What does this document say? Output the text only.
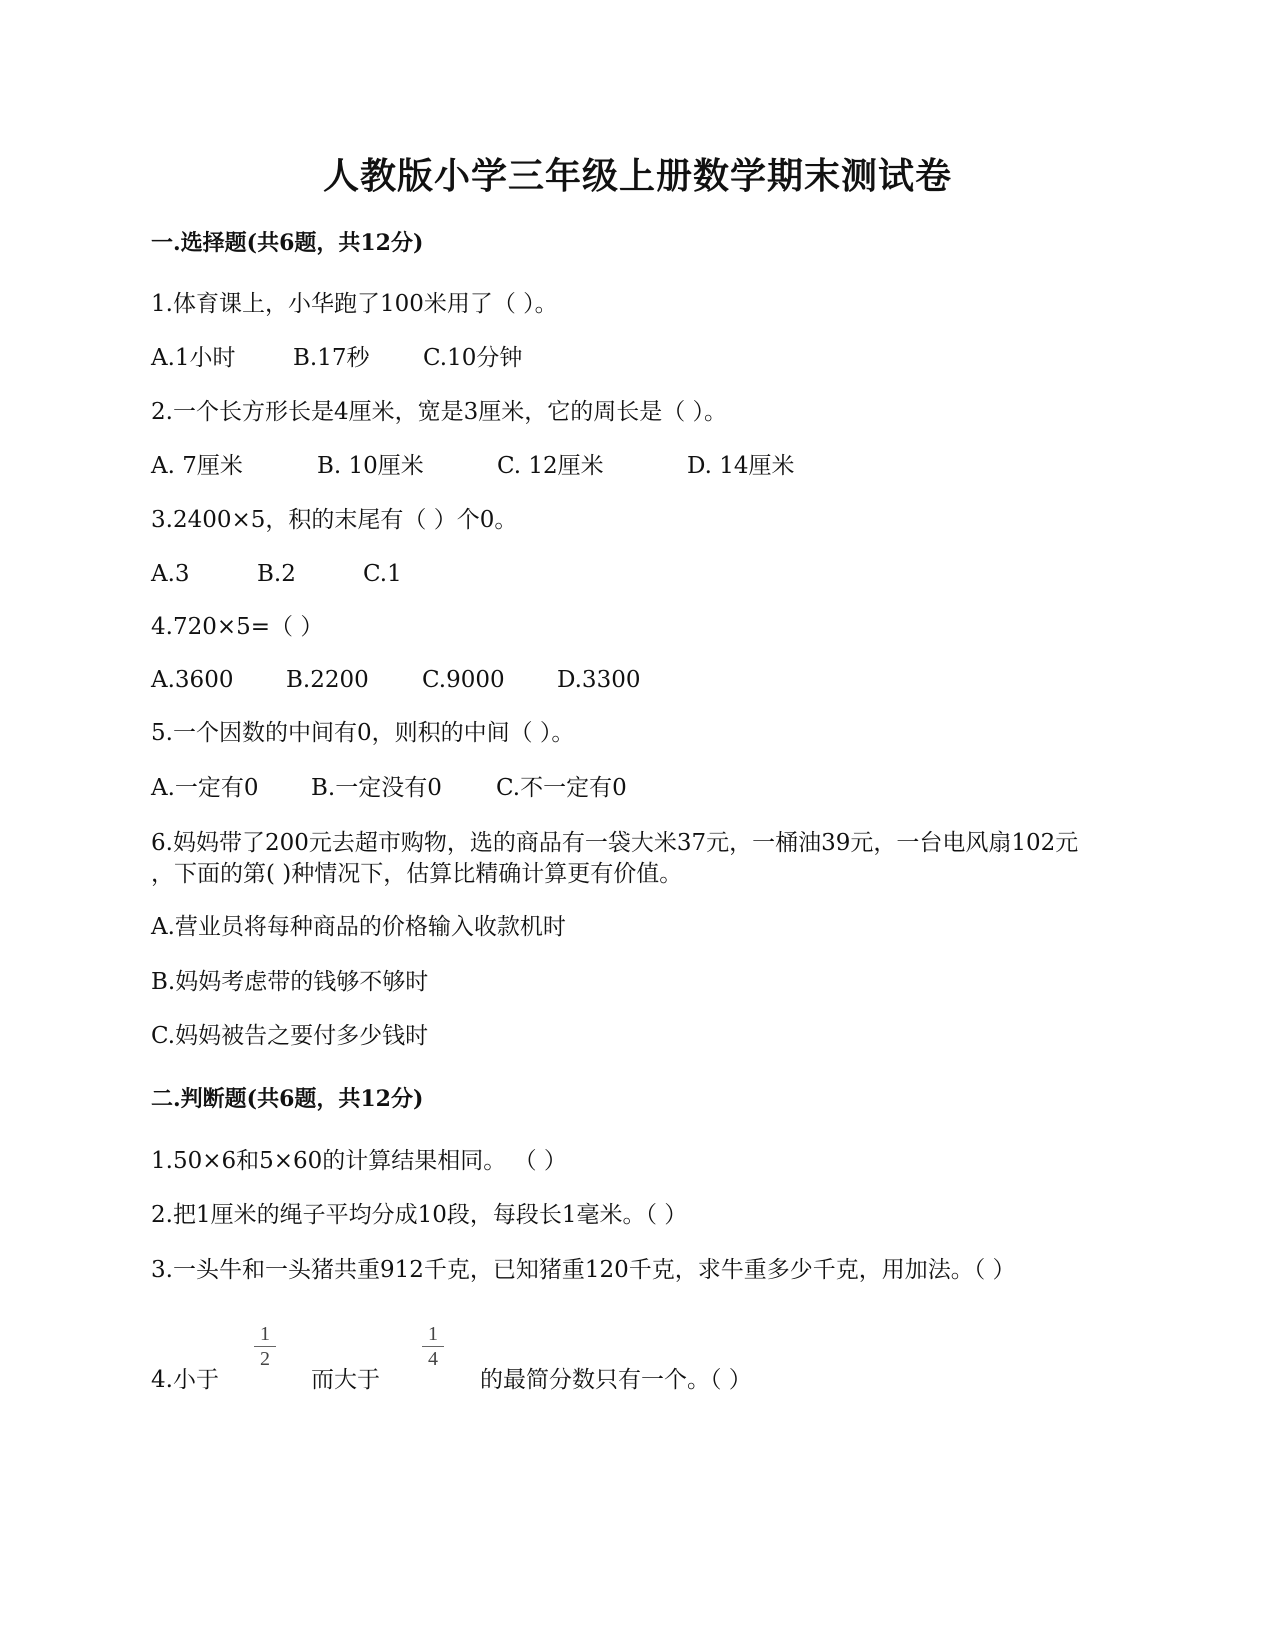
人教版小学三年级上册数学期末测试卷
一.选择题(共6题，共12分)
1.体育课上，小华跑了100米用了（ ）。
A.1小时 B.17秒 C.10分钟
2.一个长方形长是4厘米，宽是3厘米，它的周长是（ ）。
A. 7厘米	B. 10厘米	C. 12厘米	D. 14厘米
3.2400×5，积的末尾有（ ）个0。
A.3	B.2	C.1
4.720×5=（ ）
A.3600 B.2200 C.9000 D.3300
5.一个因数的中间有0，则积的中间（ ）。
A.一定有0 B.一定没有0 C.不一定有0
6.妈妈带了200元去超市购物，选的商品有一袋大米37元，一桶油39元，一台电风扇102元
，下面的第( )种情况下，估算比精确计算更有价值。
A.营业员将每种商品的价格输入收款机时
B.妈妈考虑带的钱够不够时
C.妈妈被告之要付多少钱时
二.判断题(共6题，共12分)
1.50×6和5×60的计算结果相同。 （ ）
2.把1厘米的绳子平均分成10段，每段长1毫米。（ ）
3.一头牛和一头猪共重912千克，已知猪重120千克，求牛重多少千克，用加法。（ ）
4.小于
1
2
而大于
1
4
的最简分数只有一个。（ ）
